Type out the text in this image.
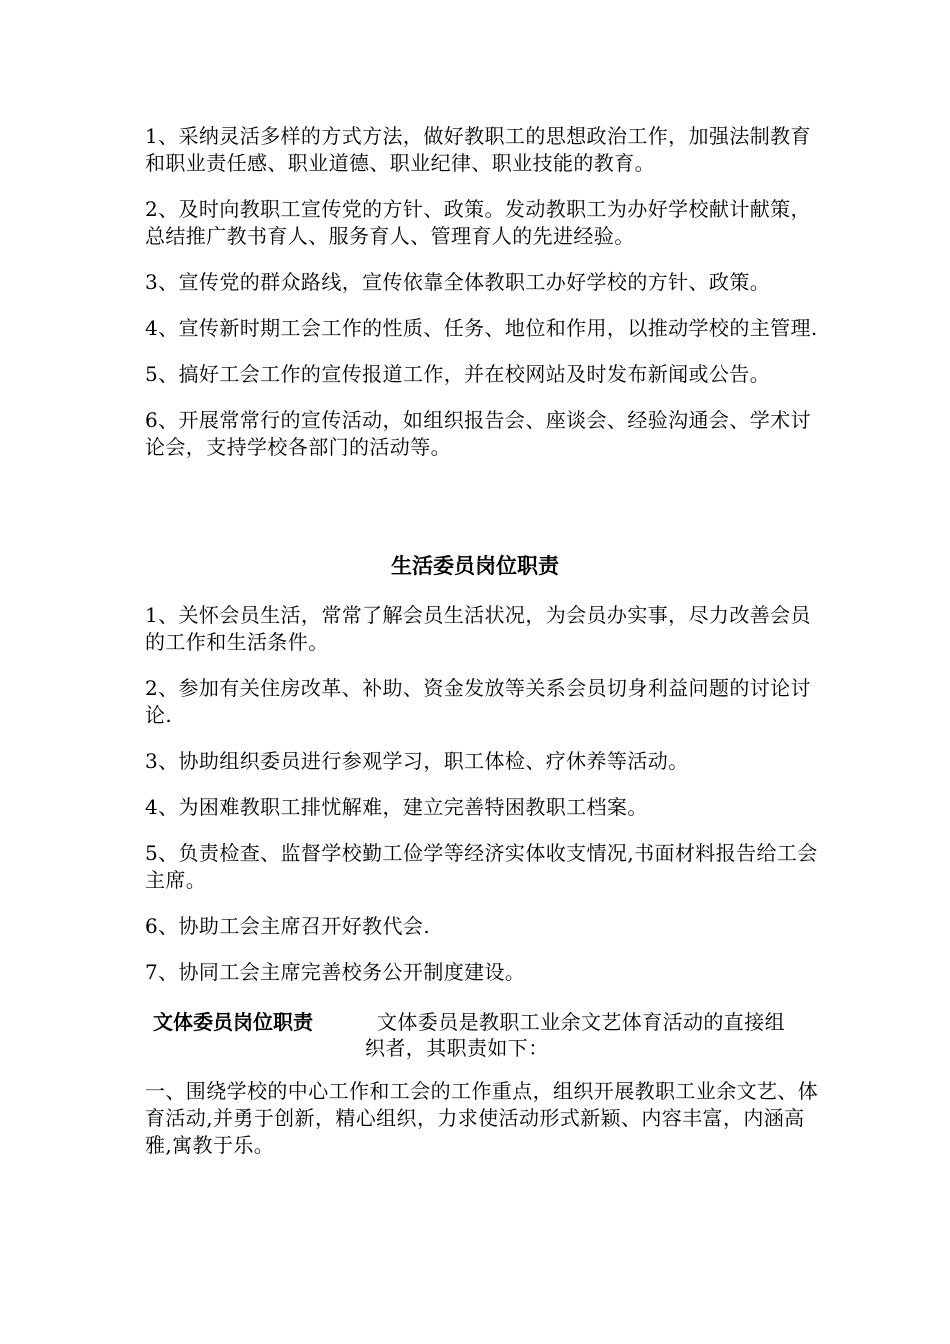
1、采纳灵活多样的方式方法，做好教职工的思想政治工作，加强法制教育和职业责任感、职业道德、职业纪律、职业技能的教育。

2、及时向教职工宣传党的方针、政策。发动教职工为办好学校献计献策，总结推广教书育人、服务育人、管理育人的先进经验。

3、宣传党的群众路线，宣传依靠全体教职工办好学校的方针、政策。

4、宣传新时期工会工作的性质、任务、地位和作用，以推动学校的主管理.

5、搞好工会工作的宣传报道工作，并在校网站及时发布新闻或公告。

6、开展常常行的宣传活动，如组织报告会、座谈会、经验沟通会、学术讨论会，支持学校各部门的活动等。

生活委员岗位职责

1、关怀会员生活，常常了解会员生活状况，为会员办实事，尽力改善会员的工作和生活条件。

2、参加有关住房改革、补助、资金发放等关系会员切身利益问题的讨论讨论.

3、协助组织委员进行参观学习，职工体检、疗休养等活动。

4、为困难教职工排忧解难，建立完善特困教职工档案。

5、负责检查、监督学校勤工俭学等经济实体收支情况,书面材料报告给工会主席。

6、协助工会主席召开好教代会.

7、协同工会主席完善校务公开制度建设。

文体委员岗位职责	文体委员是教职工业余文艺体育活动的直接组织者，其职责如下：

一、围绕学校的中心工作和工会的工作重点，组织开展教职工业余文艺、体育活动,并勇于创新，精心组织，力求使活动形式新颖、内容丰富，内涵高雅,寓教于乐。
